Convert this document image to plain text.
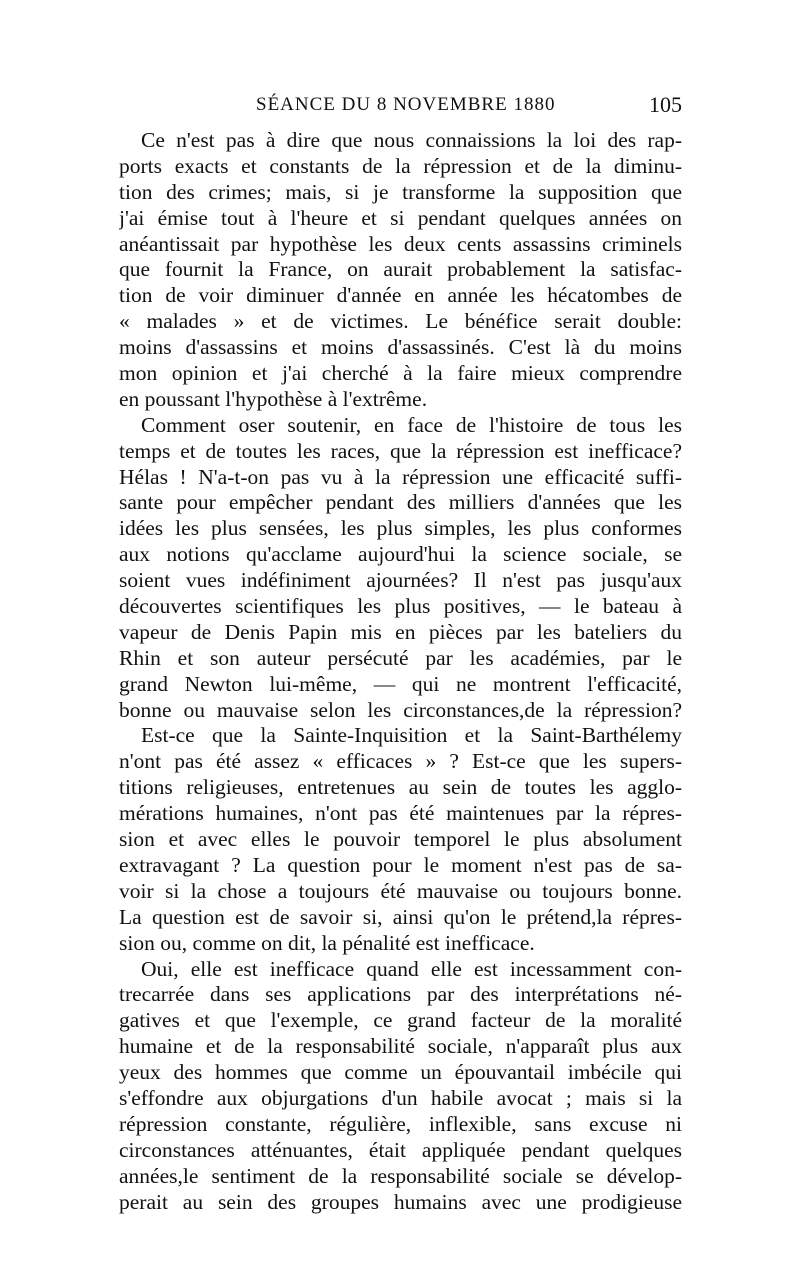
SÉANCE DU 8 NOVEMBRE 1880	105
Ce n'est pas à dire que nous connaissions la loi des rap-
ports exacts et constants de la répression et de la diminu-
tion des crimes; mais, si je transforme la supposition que
j'ai émise tout à l'heure et si pendant quelques années on
anéantissait par hypothèse les deux cents assassins criminels
que fournit la France, on aurait probablement la satisfac-
tion de voir diminuer d'année en année les hécatombes de
« malades » et de victimes. Le bénéfice serait double:
moins d'assassins et moins d'assassinés. C'est là du moins
mon opinion et j'ai cherché à la faire mieux comprendre
en poussant l'hypothèse à l'extrême.
Comment oser soutenir, en face de l'histoire de tous les
temps et de toutes les races, que la répression est inefficace?
Hélas ! N'a-t-on pas vu à la répression une efficacité suffi-
sante pour empêcher pendant des milliers d'années que les
idées les plus sensées, les plus simples, les plus conformes
aux notions qu'acclame aujourd'hui la science sociale, se
soient vues indéfiniment ajournées? Il n'est pas jusqu'aux
découvertes scientifiques les plus positives, — le bateau à
vapeur de Denis Papin mis en pièces par les bateliers du
Rhin et son auteur persécuté par les académies, par le
grand Newton lui-même, — qui ne montrent l'efficacité,
bonne ou mauvaise selon les circonstances,de la répression?
Est-ce que la Sainte-Inquisition et la Saint-Barthélemy
n'ont pas été assez « efficaces » ? Est-ce que les supers-
titions religieuses, entretenues au sein de toutes les agglo-
mérations humaines, n'ont pas été maintenues par la répres-
sion et avec elles le pouvoir temporel le plus absolument
extravagant ? La question pour le moment n'est pas de sa-
voir si la chose a toujours été mauvaise ou toujours bonne.
La question est de savoir si, ainsi qu'on le prétend,la répres-
sion ou, comme on dit, la pénalité est inefficace.
Oui, elle est inefficace quand elle est incessamment con-
trecarrée dans ses applications par des interprétations né-
gatives et que l'exemple, ce grand facteur de la moralité
humaine et de la responsabilité sociale, n'apparaît plus aux
yeux des hommes que comme un épouvantail imbécile qui
s'effondre aux objurgations d'un habile avocat ; mais si la
répression constante, régulière, inflexible, sans excuse ni
circonstances atténuantes, était appliquée pendant quelques
années,le sentiment de la responsabilité sociale se dévelop-
perait au sein des groupes humains avec une prodigieuse
